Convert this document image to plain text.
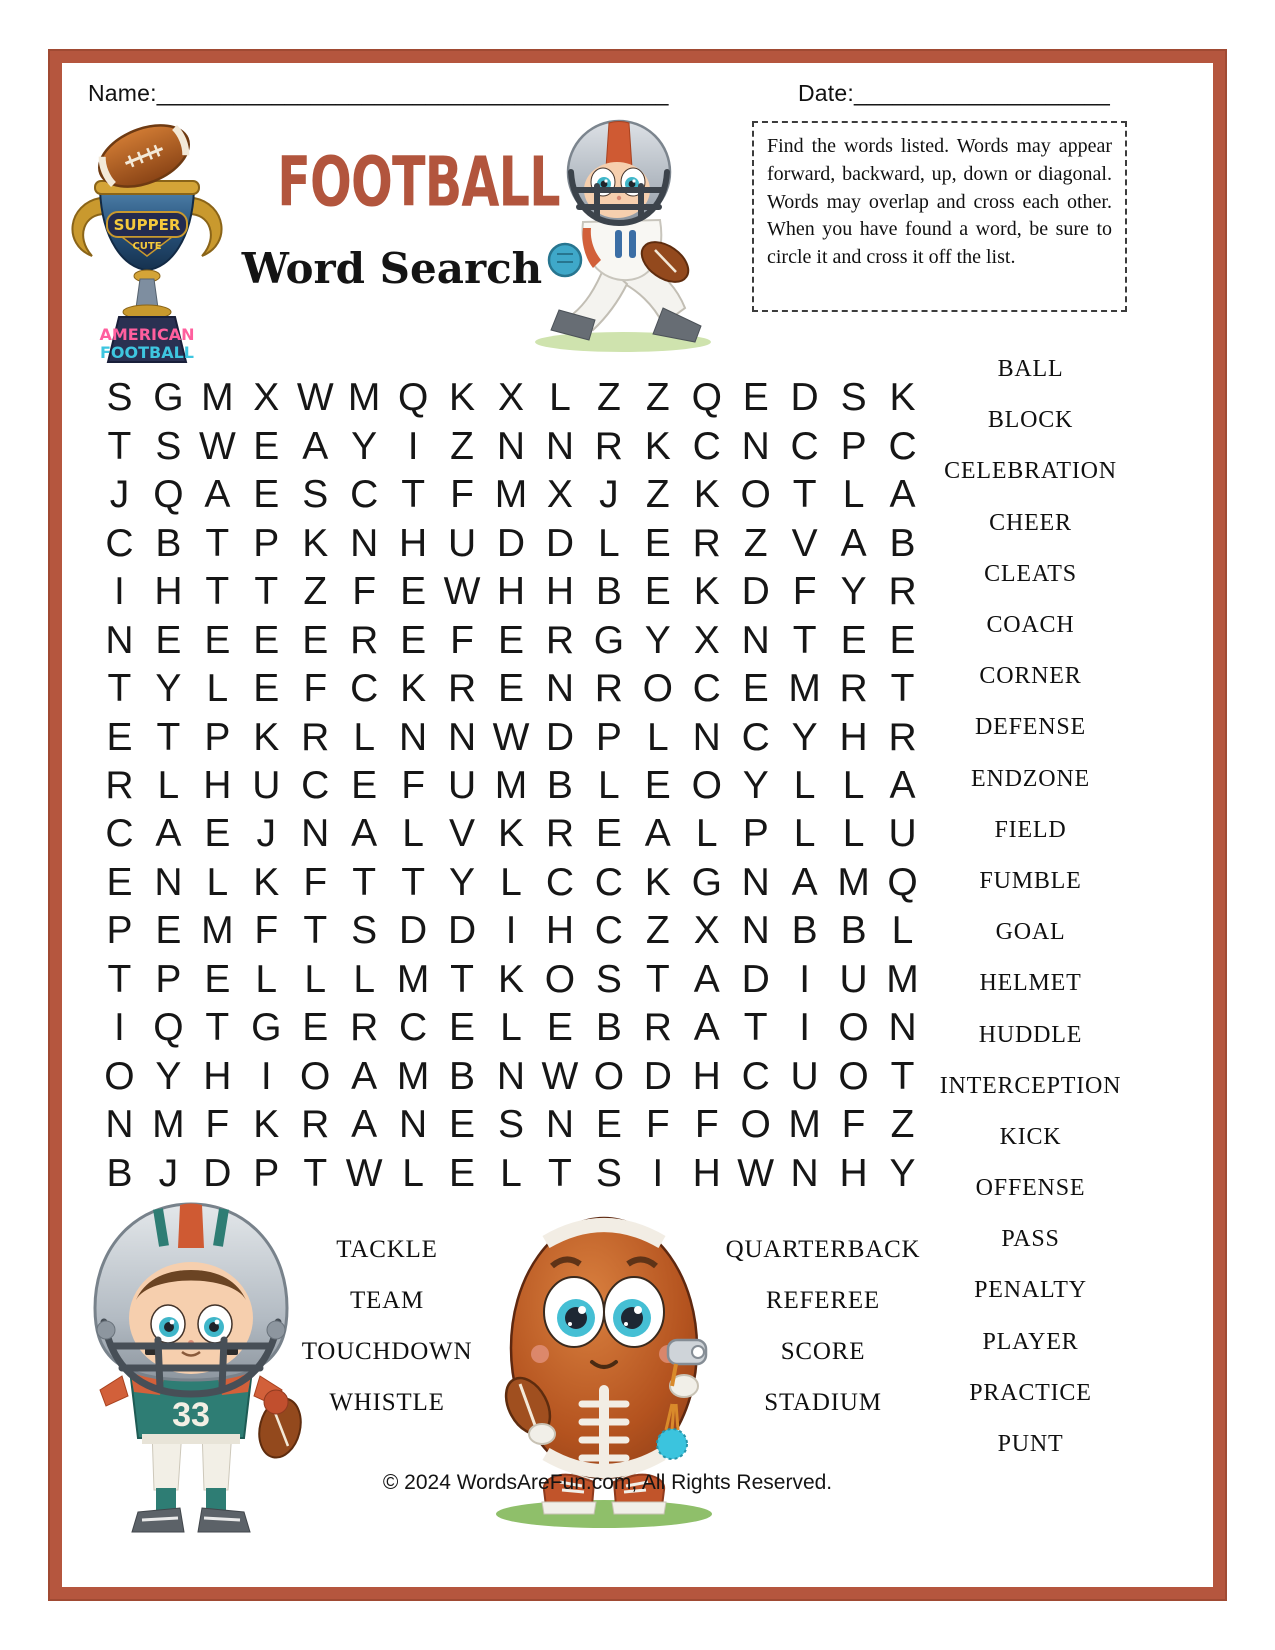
Name:________________________________________	Date:____________________
FOOTBALL
Word Search
Find the words listed. Words may appear forward, backward, up, down or diagonal. Words may overlap and cross each other. When you have found a word, be sure to circle it and cross it off the list.
SUPPER
CUTE
AMERICAN
FOOTBALL
33
S G M X W M Q K X L Z Z Q E D S K
T S W E A Y I Z N N R K C N C P C
J Q A E S C T F M X J Z K O T L A
C B T P K N H U D D L E R Z V A B
I H T T Z F E W H H B E K D F Y R
N E E E E R E F E R G Y X N T E E
T Y L E F C K R E N R O C E M R T
E T P K R L N N W D P L N C Y H R
R L H U C E F U M B L E O Y L L A
C A E J N A L V K R E A L P L L U
E N L K F T T Y L C C K G N A M Q
P E M F T S D D I H C Z X N B B L
T P E L L L M T K O S T A D I U M
I Q T G E R C E L E B R A T I O N
O Y H I O A M B N W O D H C U O T
N M F K R A N E S N E F F O M F Z
B J D P T W L E L T S I H W N H Y
BALL
BLOCK
CELEBRATION
CHEER
CLEATS
COACH
CORNER
DEFENSE
ENDZONE
FIELD
FUMBLE
GOAL
HELMET
HUDDLE
INTERCEPTION
KICK
OFFENSE
PASS
PENALTY
PLAYER
PRACTICE
PUNT
TACKLE
TEAM
TOUCHDOWN
WHISTLE
QUARTERBACK
REFEREE
SCORE
STADIUM
© 2024 WordsAreFun.com, All Rights Reserved.
